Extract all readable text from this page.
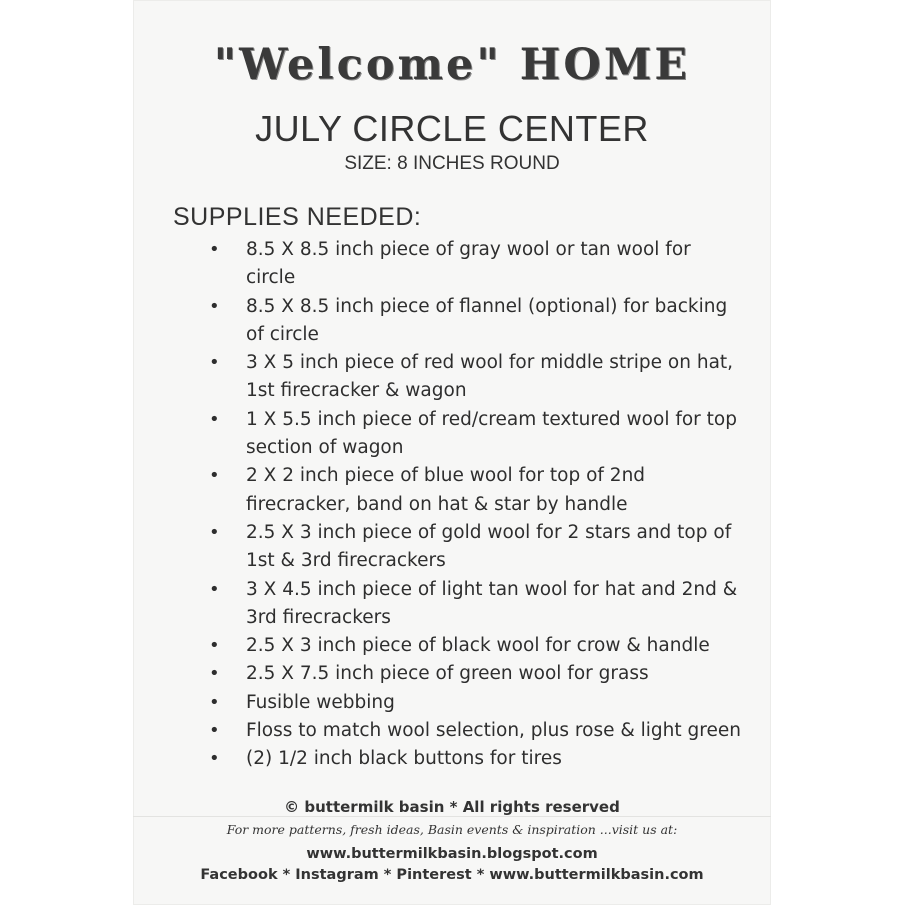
"Welcome" HOME
JULY CIRCLE CENTER
SIZE: 8 INCHES ROUND
SUPPLIES NEEDED:
• 8.5 X 8.5 inch piece of gray wool or tan wool for circle
• 8.5 X 8.5 inch piece of flannel (optional) for backing of circle
• 3 X 5 inch piece of red wool for middle stripe on hat, 1st firecracker & wagon
• 1 X 5.5 inch piece of red/cream textured wool for top section of wagon
• 2 X 2 inch piece of blue wool for top of 2nd firecracker, band on hat & star by handle
• 2.5 X 3 inch piece of gold wool for 2 stars and top of 1st & 3rd firecrackers
• 3 X 4.5 inch piece of light tan wool for hat and 2nd & 3rd firecrackers
• 2.5 X 3 inch piece of black wool for crow & handle
• 2.5 X 7.5 inch piece of green wool for grass
• Fusible webbing
• Floss to match wool selection, plus rose & light green
• (2) 1/2 inch black buttons for tires
© buttermilk basin * All rights reserved
For more patterns, fresh ideas, Basin events & inspiration ...visit us at:
www.buttermilkbasin.blogspot.com
Facebook * Instagram * Pinterest * www.buttermilkbasin.com
